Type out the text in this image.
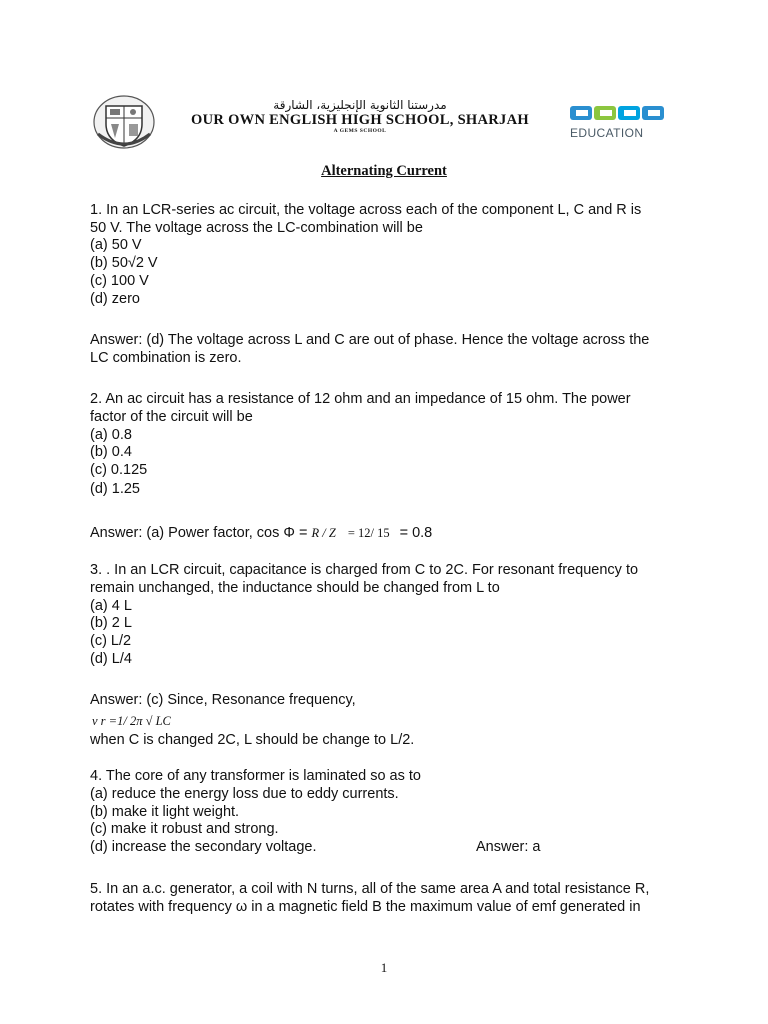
مدرستنا الثانوية الإنجليزية، الشارقة
OUR OWN ENGLISH HIGH SCHOOL, SHARJAH
A GEMS SCHOOL	EDUCATION
Alternating Current
1. In an LCR-series ac circuit, the voltage across each of the component L, C and R is
50 V. The voltage across the LC-combination will be
(a) 50 V
(b) 50√2 V
(c) 100 V
(d) zero
Answer: (d) The voltage across L and C are out of phase. Hence the voltage across the
LC combination is zero.
2. An ac circuit has a resistance of 12 ohm and an impedance of 15 ohm. The power
factor of the circuit will be
(a) 0.8
(b) 0.4
(c) 0.125
(d) 1.25
Answer: (a) Power factor, cos Φ = R / Z = 12/ 15 = 0.8
3. . In an LCR circuit, capacitance is charged from C to 2C. For resonant frequency to
remain unchanged, the inductance should be changed from L to
(a) 4 L
(b) 2 L
(c) L/2
(d) L/4
Answer: (c) Since, Resonance frequency,
v r =1/ 2π √ LC
when C is changed 2C, L should be change to L/2.
4. The core of any transformer is laminated so as to
(a) reduce the energy loss due to eddy currents.
(b) make it light weight.
(c) make it robust and strong.
(d) increase the secondary voltage.	Answer: a
5. In an a.c. generator, a coil with N turns, all of the same area A and total resistance R,
rotates with frequency ω in a magnetic field B the maximum value of emf generated in
1
